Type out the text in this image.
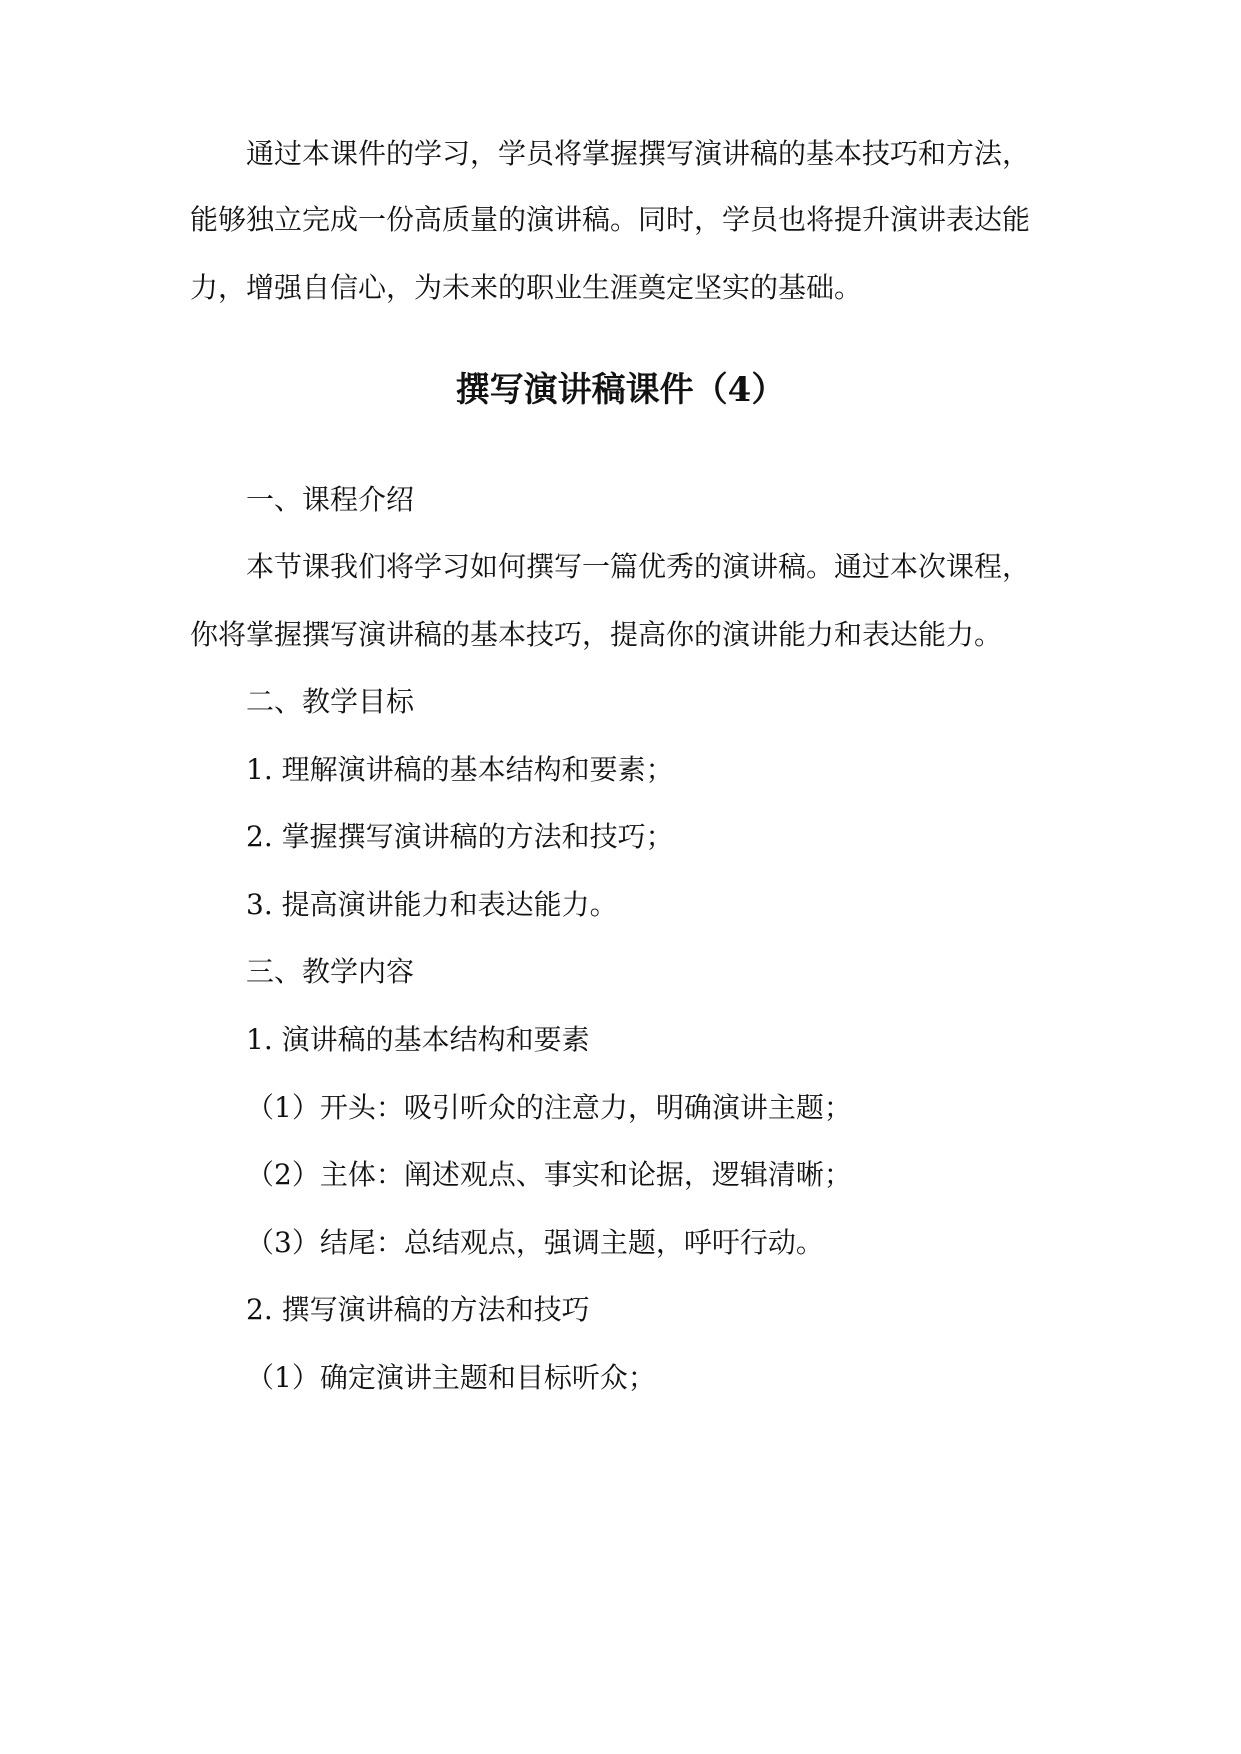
通过本课件的学习，学员将掌握撰写演讲稿的基本技巧和方法，
能够独立完成一份高质量的演讲稿。同时，学员也将提升演讲表达能
力，增强自信心，为未来的职业生涯奠定坚实的基础。
撰写演讲稿课件（4）
一、课程介绍
本节课我们将学习如何撰写一篇优秀的演讲稿。通过本次课程，
你将掌握撰写演讲稿的基本技巧，提高你的演讲能力和表达能力。
二、教学目标
1. 理解演讲稿的基本结构和要素；
2. 掌握撰写演讲稿的方法和技巧；
3. 提高演讲能力和表达能力。
三、教学内容
1. 演讲稿的基本结构和要素
（1）开头：吸引听众的注意力，明确演讲主题；
（2）主体：阐述观点、事实和论据，逻辑清晰；
（3）结尾：总结观点，强调主题，呼吁行动。
2. 撰写演讲稿的方法和技巧
（1）确定演讲主题和目标听众；
